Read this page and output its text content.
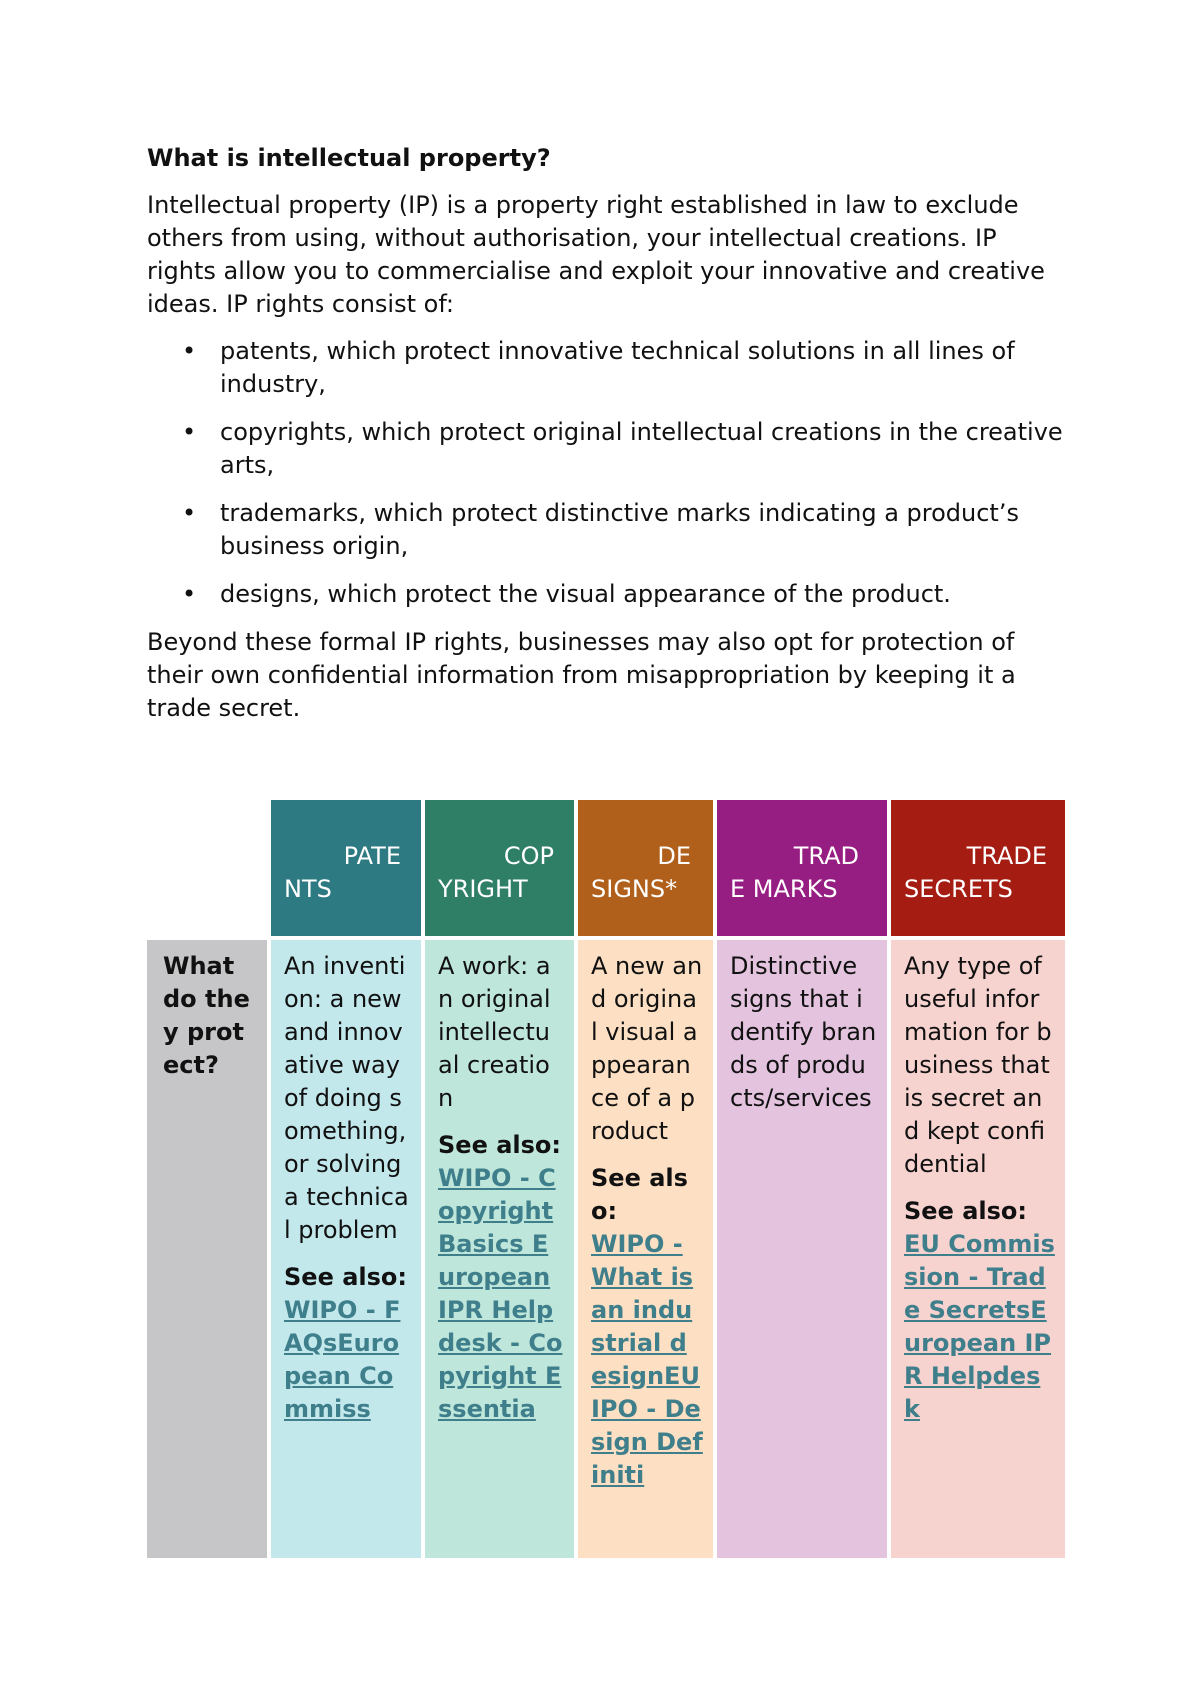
What is intellectual property?
Intellectual property (IP) is a property right established in law to exclude others from using, without authorisation, your intellectual creations. IP rights allow you to commercialise and exploit your innovative and creative ideas. IP rights consist of:
• patents, which protect innovative technical solutions in all lines of industry,
• copyrights, which protect original intellectual creations in the creative arts,
• trademarks, which protect distinctive marks indicating a product’s business origin,
• designs, which protect the visual appearance of the product.
Beyond these formal IP rights, businesses may also opt for protection of their own confidential information from misappropriation by keeping it a trade secret.
PATE
NTS
COP
YRIGHT
DE
SIGNS*
TRAD
E MARKS
TRADE
SECRETS
What do they protect?
An invention: a new and innovative way of doing something, or solving a technical problem
See also:
WIPO - FAQsEuropean Commiss
A work: an original intellectual creation
See also:
WIPO - Copyright Basics European IPR Helpdesk - Copyright Essentia
A new and original visual appearance of a product
See also:
WIPO - What is an industrial designEUIPO - Design Definiti
Distinctive signs that identify brands of products/services
Any type of useful information for business that is secret and kept confidential
See also:
EU Commission - Trade SecretsEuropean IPR Helpdesk
